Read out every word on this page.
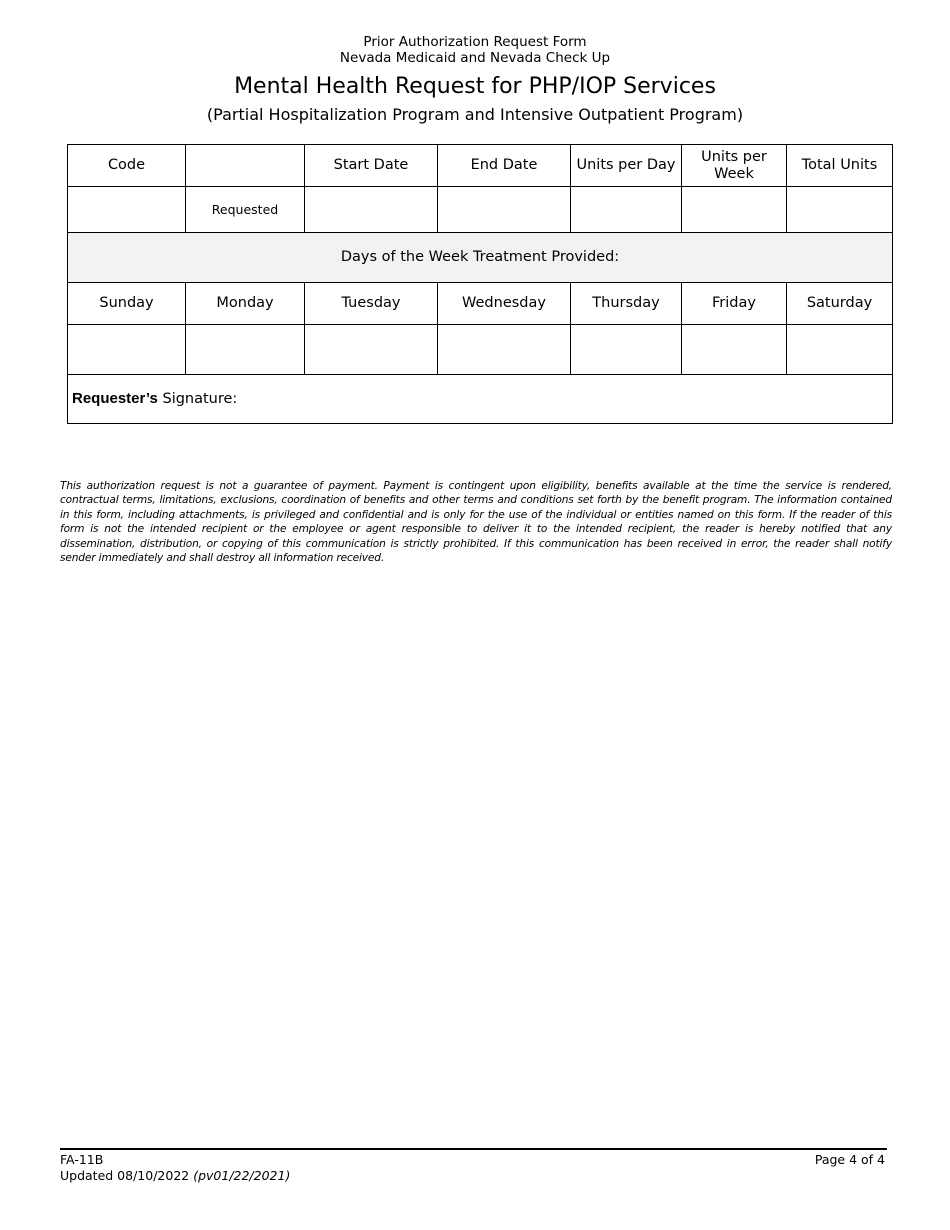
Prior Authorization Request Form
Nevada Medicaid and Nevada Check Up
Mental Health Request for PHP/IOP Services
(Partial Hospitalization Program and Intensive Outpatient Program)
Code		Start Date	End Date	Units per Day	Units per Week	Total Units
	Requested					
Days of the Week Treatment Provided:						
Sunday	Monday	Tuesday	Wednesday	Thursday	Friday	Saturday

Requester’s Signature:						
This authorization request is not a guarantee of payment. Payment is contingent upon eligibility, benefits available at the time the service is rendered, contractual terms, limitations, exclusions, coordination of benefits and other terms and conditions set forth by the benefit program. The information contained in this form, including attachments, is privileged and confidential and is only for the use of the individual or entities named on this form. If the reader of this form is not the intended recipient or the employee or agent responsible to deliver it to the intended recipient, the reader is hereby notified that any dissemination, distribution, or copying of this communication is strictly prohibited. If this communication has been received in error, the reader shall notify sender immediately and shall destroy all information received.
FA-11B
Updated 08/10/2022 (pv01/22/2021)
Page 4 of 4
